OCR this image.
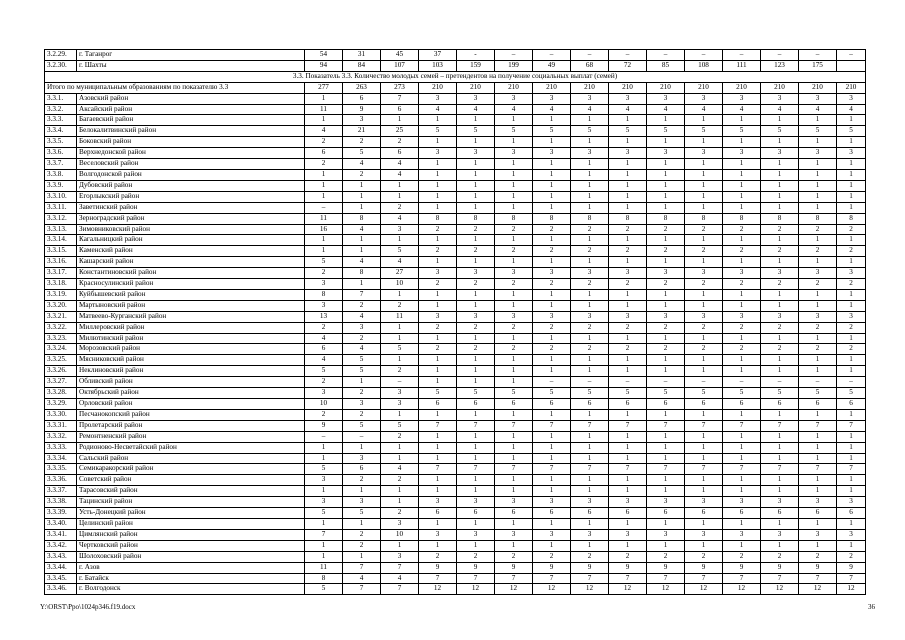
3.2.29.	г. Таганрог	54	31	45	37	-	–	–	–	–	–	–	–	–	–	–
3.2.30.	г. Шахты	94	84	107	103	159	199	49	68	72	85	108	111	123	175	
3.3. Показатель 3.3. Количество молодых семей – претендентов на получение социальных выплат (семей)																
Итого по муниципальным образованиям по показателю 3.3		277	263	273	210	210	210	210	210	210	210	210	210	210	210	210
3.3.1.	Азовский район	1	6	7	3	3	3	3	3	3	3	3	3	3	3	3
3.3.2.	Аксайский район	11	9	6	4	4	4	4	4	4	4	4	4	4	4	4
3.3.3.	Багаевский район	1	3	1	1	1	1	1	1	1	1	1	1	1	1	1
3.3.4.	Белокалитвинский район	4	21	25	5	5	5	5	5	5	5	5	5	5	5	5
3.3.5.	Боковский район	2	2	2	1	1	1	1	1	1	1	1	1	1	1	1
3.3.6.	Верхнедонской район	6	5	6	3	3	3	3	3	3	3	3	3	3	3	3
3.3.7.	Веселовский район	2	4	4	1	1	1	1	1	1	1	1	1	1	1	1
3.3.8.	Волгодонской район	1	2	4	1	1	1	1	1	1	1	1	1	1	1	1
3.3.9.	Дубовский район	1	1	1	1	1	1	1	1	1	1	1	1	1	1	1
3.3.10.	Егорлыкский район	1	1	1	1	1	1	1	1	1	1	1	1	1	1	1
3.3.11.	Заветинский район	–	1	2	1	1	1	1	1	1	1	1	1	1	1	1
3.3.12.	Зерноградский район	11	8	4	8	8	8	8	8	8	8	8	8	8	8	8
3.3.13.	Зимовниковский район	16	4	3	2	2	2	2	2	2	2	2	2	2	2	2
3.3.14.	Кагальницкий район	1	1	1	1	1	1	1	1	1	1	1	1	1	1	1
3.3.15.	Каменский район	1	1	5	2	2	2	2	2	2	2	2	2	2	2	2
3.3.16.	Кашарский район	5	4	4	1	1	1	1	1	1	1	1	1	1	1	1
3.3.17.	Константиновский район	2	8	27	3	3	3	3	3	3	3	3	3	3	3	3
3.3.18.	Красносулинский район	3	1	10	2	2	2	2	2	2	2	2	2	2	2	2
3.3.19.	Куйбышевский район	8	7	1	1	1	1	1	1	1	1	1	1	1	1	1
3.3.20.	Мартыновский район	3	2	2	1	1	1	1	1	1	1	1	1	1	1	1
3.3.21.	Матвеево-Курганский район	13	4	11	3	3	3	3	3	3	3	3	3	3	3	3
3.3.22.	Миллеровский район	2	3	1	2	2	2	2	2	2	2	2	2	2	2	2
3.3.23.	Милютинский район	4	2	1	1	1	1	1	1	1	1	1	1	1	1	1
3.3.24.	Морозовский район	6	4	5	2	2	2	2	2	2	2	2	2	2	2	2
3.3.25.	Мясниковский район	4	5	1	1	1	1	1	1	1	1	1	1	1	1	1
3.3.26.	Неклиновский район	5	5	2	1	1	1	1	1	1	1	1	1	1	1	1
3.3.27.	Обливский район	2	1	–	1	1	1	–	–	–	–	–	–	–	–	–
3.3.28.	Октябрьский район	3	2	3	5	5	5	5	5	5	5	5	5	5	5	5
3.3.29.	Орловский район	10	3	3	6	6	6	6	6	6	6	6	6	6	6	6
3.3.30.	Песчанокопский район	2	2	1	1	1	1	1	1	1	1	1	1	1	1	1
3.3.31.	Пролетарский район	9	5	5	7	7	7	7	7	7	7	7	7	7	7	7
3.3.32.	Ремонтненский район	–	–	2	1	1	1	1	1	1	1	1	1	1	1	1
3.3.33.	Родионово-Несветайский район	1	1	1	1	1	1	1	1	1	1	1	1	1	1	1
3.3.34.	Сальский район	1	3	1	1	1	1	1	1	1	1	1	1	1	1	1
3.3.35.	Семикаракорский район	5	6	4	7	7	7	7	7	7	7	7	7	7	7	7
3.3.36.	Советский район	3	2	2	1	1	1	1	1	1	1	1	1	1	1	1
3.3.37.	Тарасовский район	1	1	1	1	1	1	1	1	1	1	1	1	1	1	1
3.3.38.	Тацинский район	3	3	1	3	3	3	3	3	3	3	3	3	3	3	3
3.3.39.	Усть-Донецкий район	5	5	2	6	6	6	6	6	6	6	6	6	6	6	6
3.3.40.	Целинский район	1	1	3	1	1	1	1	1	1	1	1	1	1	1	1
3.3.41.	Цимлянский район	7	2	10	3	3	3	3	3	3	3	3	3	3	3	3
3.3.42.	Чертковский район	1	2	1	1	1	1	1	1	1	1	1	1	1	1	1
3.3.43.	Шолоховский район	1	1	3	2	2	2	2	2	2	2	2	2	2	2	2
3.3.44.	г. Азов	11	7	7	9	9	9	9	9	9	9	9	9	9	9	9
3.3.45.	г. Батайск	8	4	4	7	7	7	7	7	7	7	7	7	7	7	7
3.3.46.	г. Волгодонск	5	7	7	12	12	12	12	12	12	12	12	12	12	12	12
Y:\ORST\Ppo\1024p346.f19.docx	36
